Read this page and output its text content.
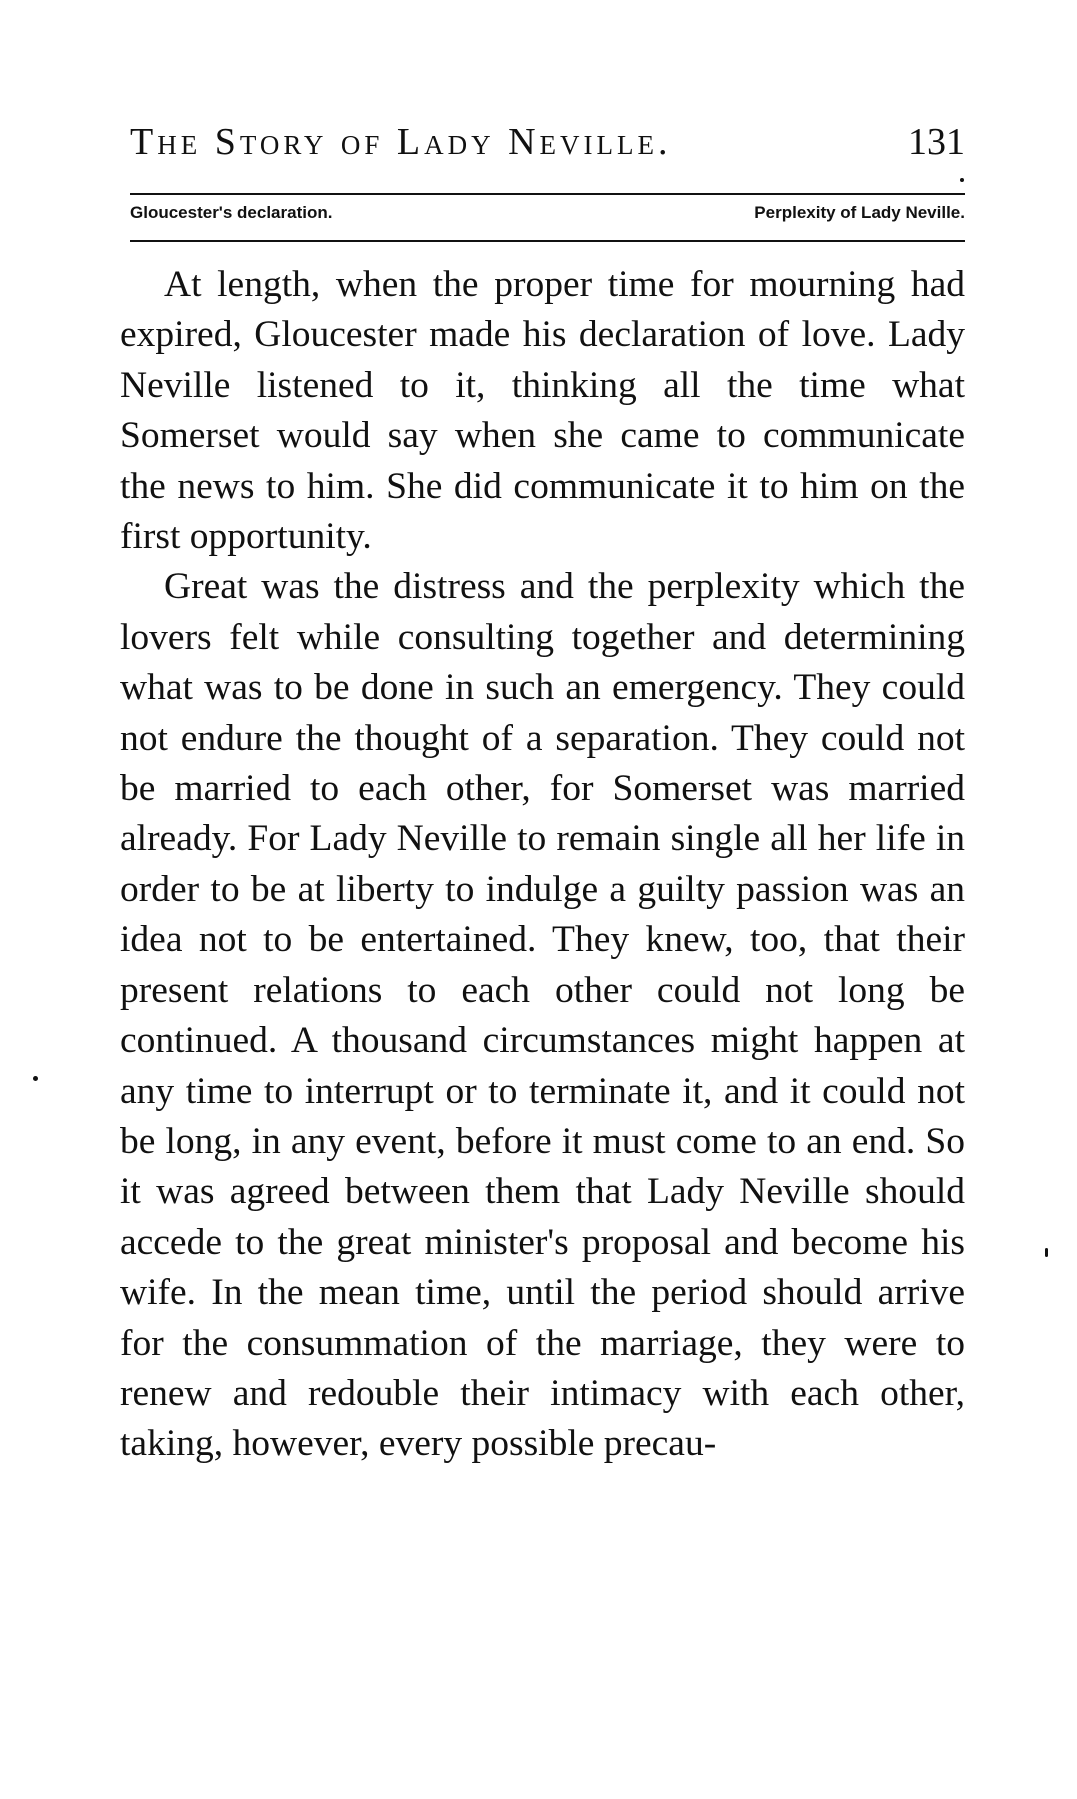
The Story of Lady Neville.	131
Gloucester's declaration.	Perplexity of Lady Neville.

At length, when the proper time for mourning had expired, Gloucester made his declaration of love. Lady Neville listened to it, thinking all the time what Somerset would say when she came to communicate the news to him. She did communicate it to him on the first opportunity.

Great was the distress and the perplexity which the lovers felt while consulting together and determining what was to be done in such an emergency. They could not endure the thought of a separation. They could not be married to each other, for Somerset was married already. For Lady Neville to remain single all her life in order to be at liberty to indulge a guilty passion was an idea not to be entertained. They knew, too, that their present relations to each other could not long be continued. A thousand circumstances might happen at any time to interrupt or to terminate it, and it could not be long, in any event, before it must come to an end. So it was agreed between them that Lady Neville should accede to the great minister's proposal and become his wife. In the mean time, until the period should arrive for the consummation of the marriage, they were to renew and redouble their intimacy with each other, taking, however, every possible precau-
